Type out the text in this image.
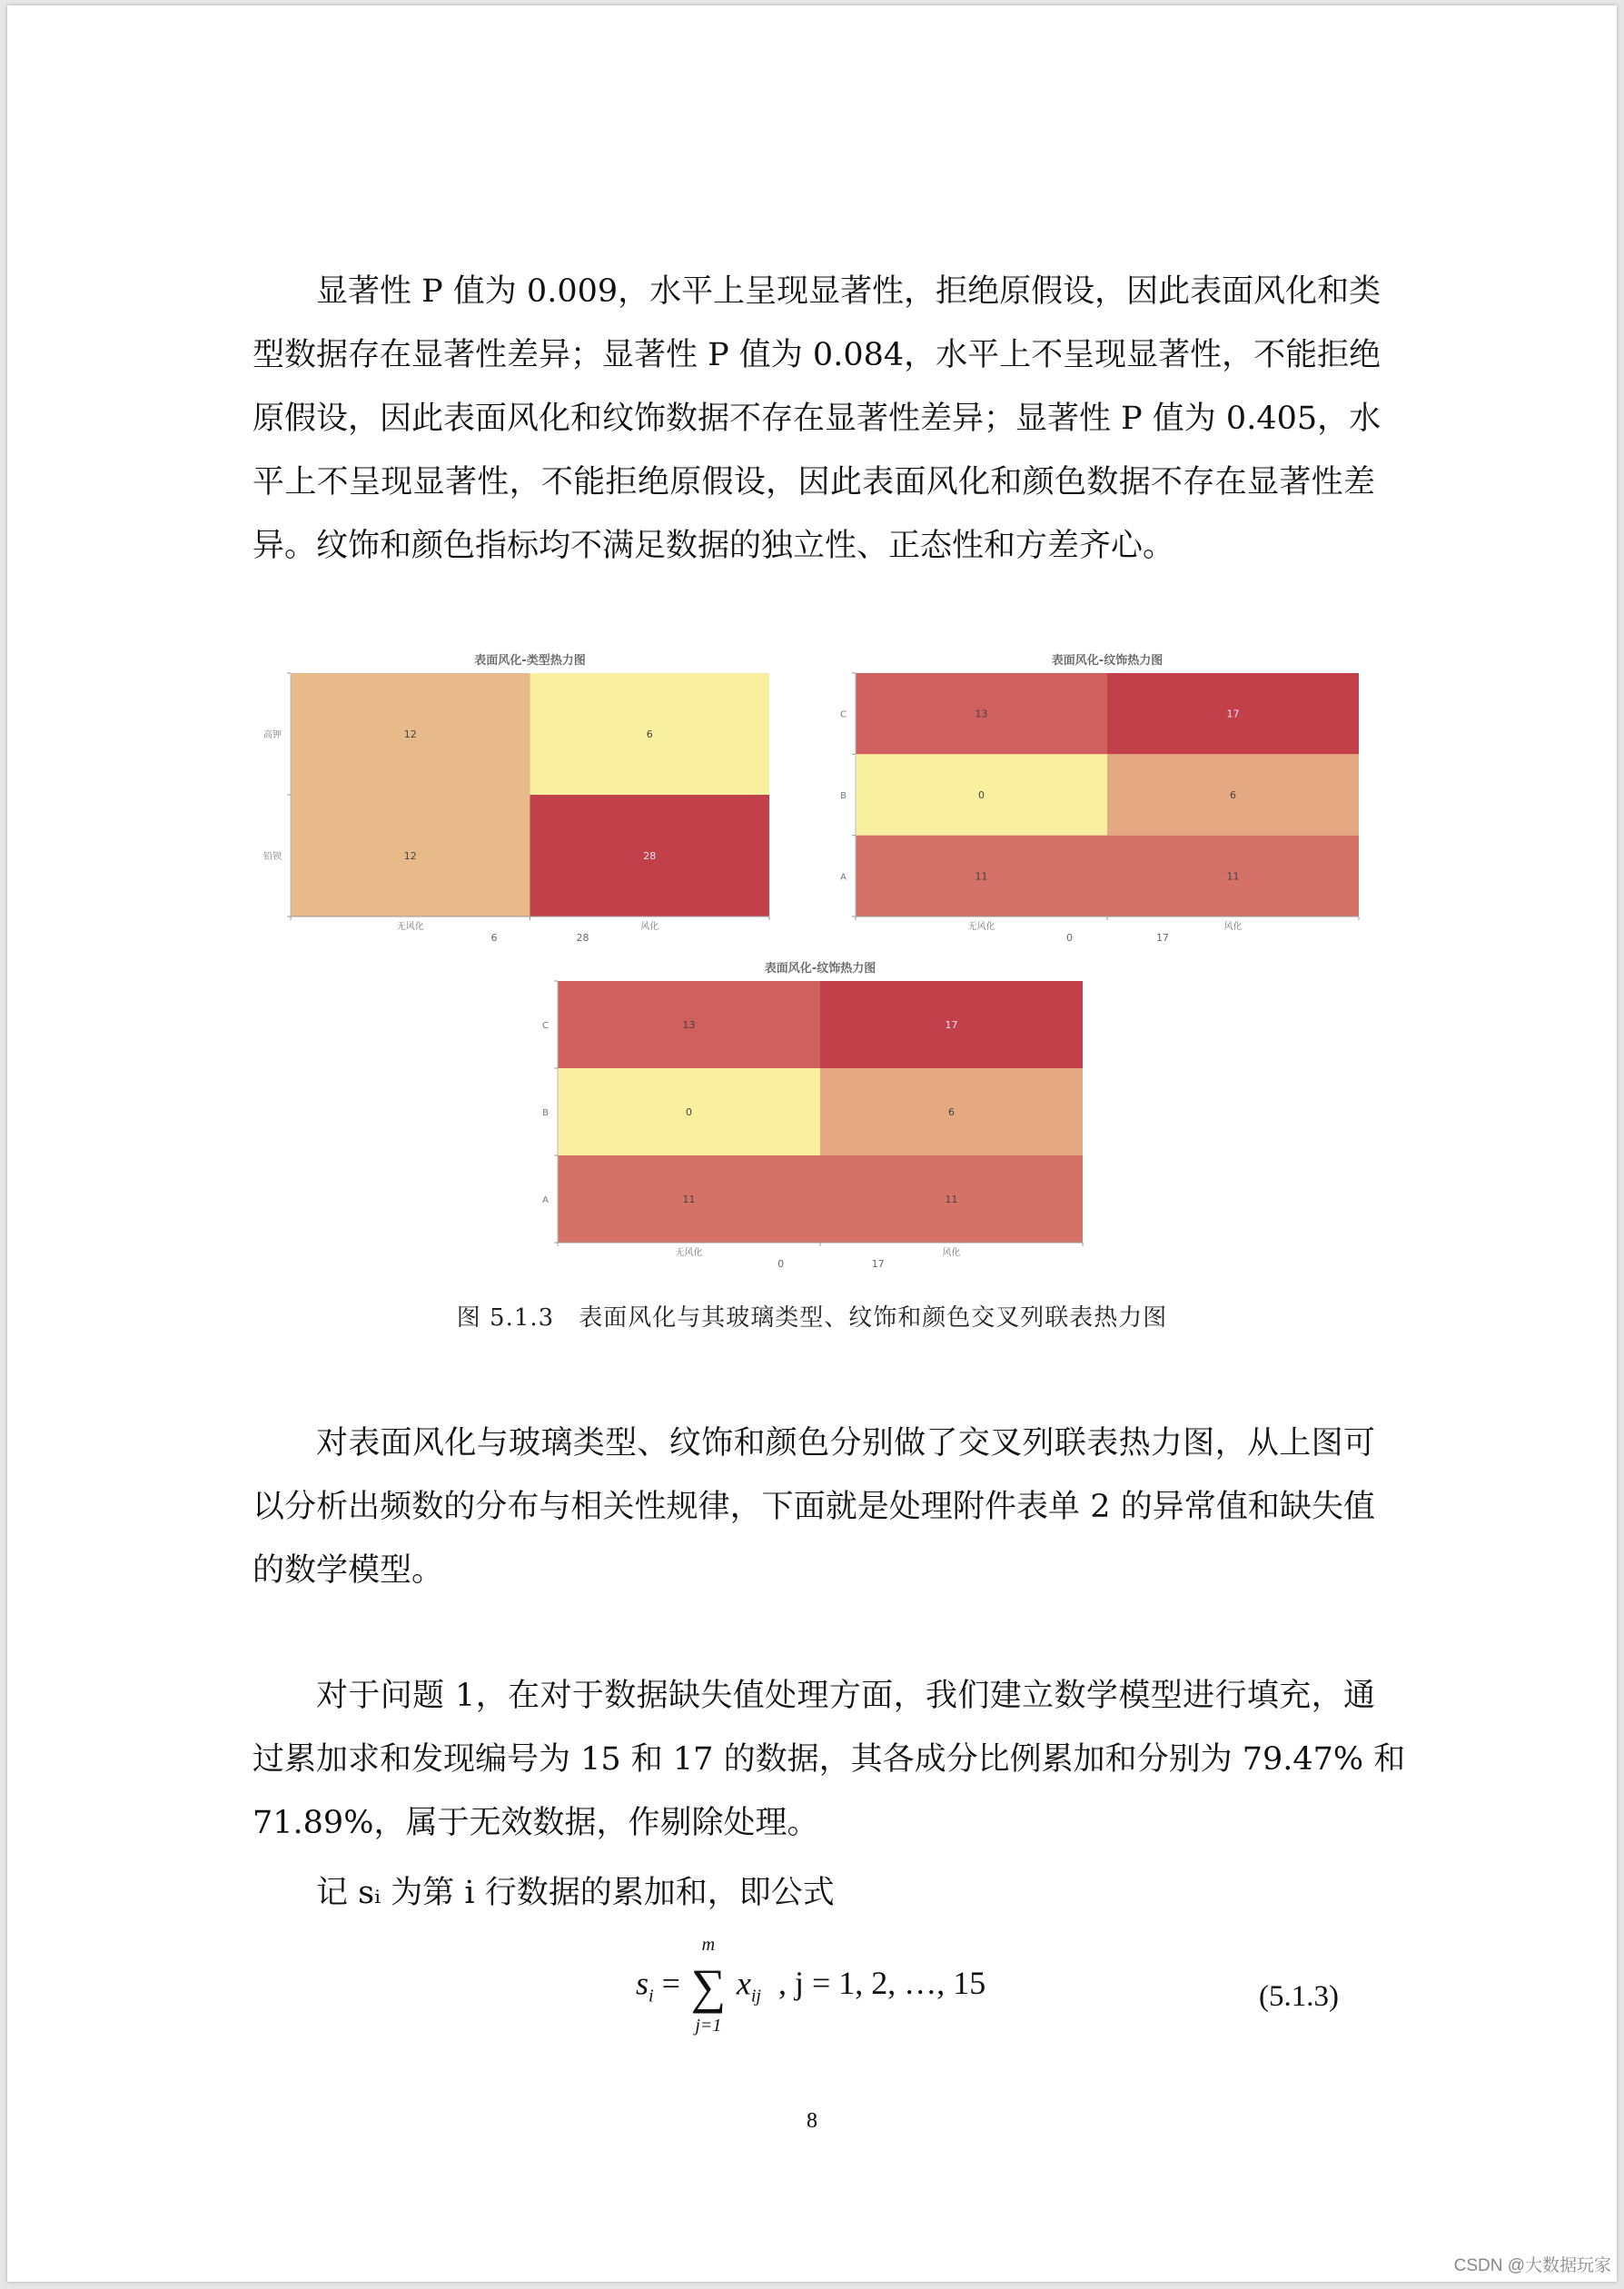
显著性 P 值为 0.009，水平上呈现显著性，拒绝原假设，因此表面风化和类
型数据存在显著性差异；显著性 P 值为 0.084，水平上不呈现显著性，不能拒绝
原假设，因此表面风化和纹饰数据不存在显著性差异；显著性 P 值为 0.405，水
平上不呈现显著性，不能拒绝原假设，因此表面风化和颜色数据不存在显著性差
异。纹饰和颜色指标均不满足数据的独立性、正态性和方差齐心。
表面风化-类型热力图
12	6
12	28
无风化	风化
高钾
铅钡
6	28
表面风化-纹饰热力图
13	17
0	6
11	11
无风化	风化
C
B
A
0	17
表面风化-纹饰热力图
13	17
0	6
11	11
无风化	风化
C
B
A
0	17
图 5.1.3　表面风化与其玻璃类型、纹饰和颜色交叉列联表热力图
对表面风化与玻璃类型、纹饰和颜色分别做了交叉列联表热力图，从上图可
以分析出频数的分布与相关性规律，下面就是处理附件表单 2 的异常值和缺失值
的数学模型。
对于问题 1，在对于数据缺失值处理方面，我们建立数学模型进行填充，通
过累加求和发现编号为 15 和 17 的数据，其各成分比例累加和分别为 79.47% 和
71.89%，属于无效数据，作剔除处理。
记 sᵢ 为第 i 行数据的累加和，即公式
$s_i$ =
m
∑
j=1
$x_{ij}$ , j = 1, 2, …, 15	(5.1.3)
8
CSDN @大数据玩家
